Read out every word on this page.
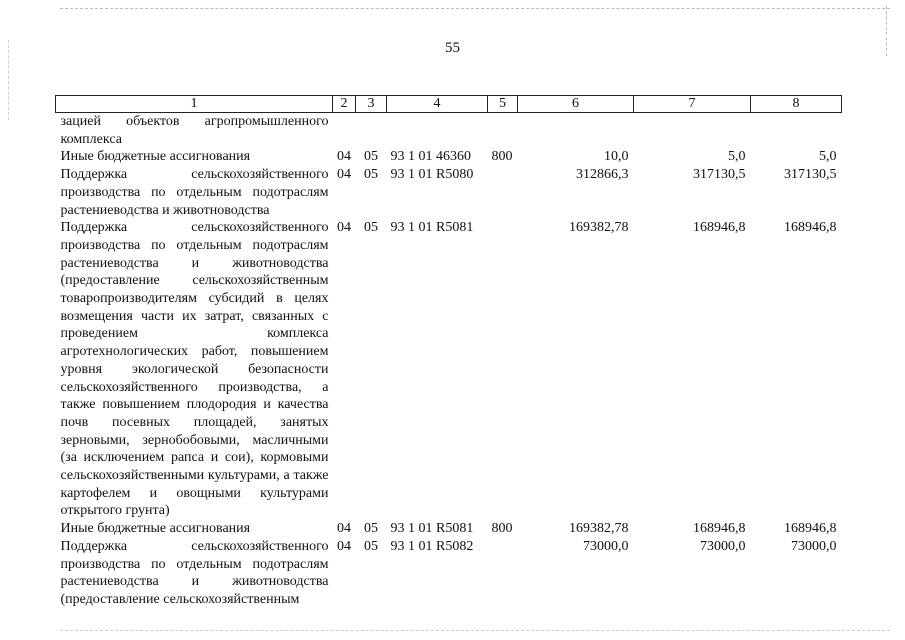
55
1	2	3	4	5	6	7	8
зацией объектов агропромышленного комплекса							
Иные бюджетные ассигнования	04	05	93 1 01 46360	800	10,0	5,0	5,0
Поддержка сельскохозяйственного производства по отдельным подотраслям растениеводства и животноводства	04	05	93 1 01 R5080		312866,3	317130,5	317130,5
Поддержка сельскохозяйственного производства по отдельным подотраслям растениеводства и животноводства (предоставление сельскохозяйственным товаропроизводителям субсидий в целях возмещения части их затрат, связанных с проведением комплекса агротехнологических работ, повышением уровня экологической безопасности сельскохозяйственного производства, а также повышением плодородия и качества почв посевных площадей, занятых зерновыми, зернобобовыми, масличными (за исключением рапса и сои), кормовыми сельскохозяйственными культурами, а также картофелем и овощными культурами открытого грунта)	04	05	93 1 01 R5081		169382,78	168946,8	168946,8
Иные бюджетные ассигнования	04	05	93 1 01 R5081	800	169382,78	168946,8	168946,8
Поддержка сельскохозяйственного производства по отдельным подотраслям растениеводства и животноводства (предоставление сельскохозяйственным	04	05	93 1 01 R5082		73000,0	73000,0	73000,0
